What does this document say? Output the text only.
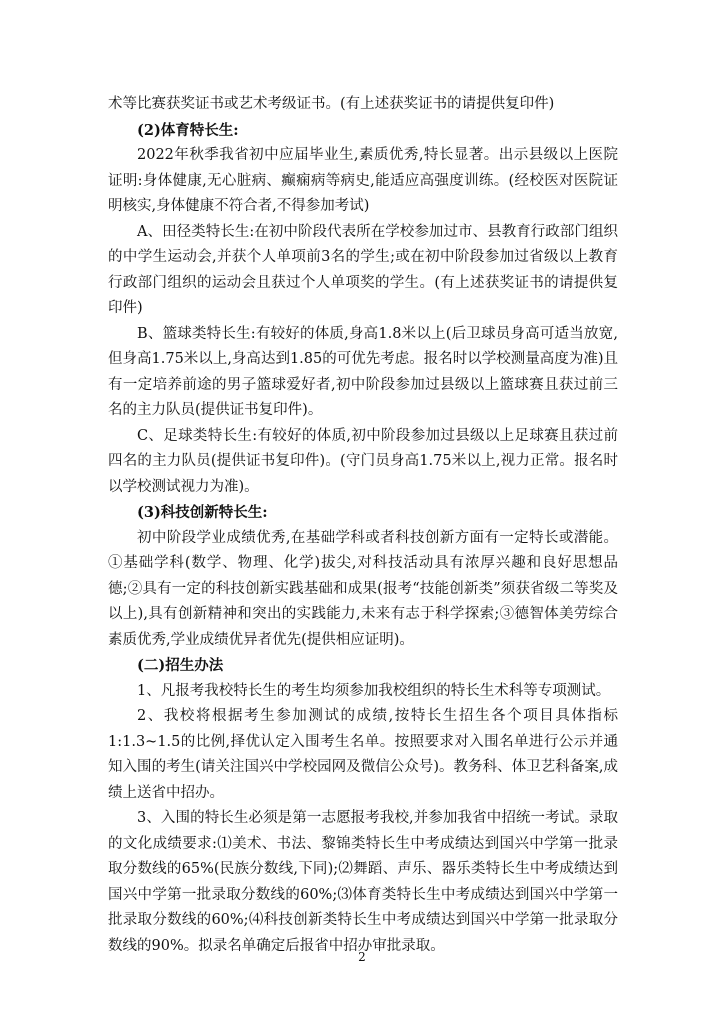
术等比赛获奖证书或艺术考级证书。(有上述获奖证书的请提供复印件)

(2)体育特长生:

2022年秋季我省初中应届毕业生,素质优秀,特长显著。出示县级以上医院证明:身体健康,无心脏病、癫痫病等病史,能适应高强度训练。(经校医对医院证明核实,身体健康不符合者,不得参加考试)

A、田径类特长生:在初中阶段代表所在学校参加过市、县教育行政部门组织的中学生运动会,并获个人单项前3名的学生;或在初中阶段参加过省级以上教育行政部门组织的运动会且获过个人单项奖的学生。(有上述获奖证书的请提供复印件)

B、篮球类特长生:有较好的体质,身高1.8米以上(后卫球员身高可适当放宽,但身高1.75米以上,身高达到1.85的可优先考虑。报名时以学校测量高度为准)且有一定培养前途的男子篮球爱好者,初中阶段参加过县级以上篮球赛且获过前三名的主力队员(提供证书复印件)。

C、足球类特长生:有较好的体质,初中阶段参加过县级以上足球赛且获过前四名的主力队员(提供证书复印件)。(守门员身高1.75米以上,视力正常。报名时以学校测试视力为准)。

(3)科技创新特长生:

初中阶段学业成绩优秀,在基础学科或者科技创新方面有一定特长或潜能。①基础学科(数学、物理、化学)拔尖,对科技活动具有浓厚兴趣和良好思想品德;②具有一定的科技创新实践基础和成果(报考“技能创新类”须获省级二等奖及以上),具有创新精神和突出的实践能力,未来有志于科学探索;③德智体美劳综合素质优秀,学业成绩优异者优先(提供相应证明)。

(二)招生办法

1、凡报考我校特长生的考生均须参加我校组织的特长生术科等专项测试。

2、我校将根据考生参加测试的成绩,按特长生招生各个项目具体指标1:1.3~1.5的比例,择优认定入围考生名单。按照要求对入围名单进行公示并通知入围的考生(请关注国兴中学校园网及微信公众号)。教务科、体卫艺科备案,成绩上送省中招办。

3、入围的特长生必须是第一志愿报考我校,并参加我省中招统一考试。录取的文化成绩要求:⑴美术、书法、黎锦类特长生中考成绩达到国兴中学第一批录取分数线的65%(民族分数线,下同);⑵舞蹈、声乐、器乐类特长生中考成绩达到国兴中学第一批录取分数线的60%;⑶体育类特长生中考成绩达到国兴中学第一批录取分数线的60%;⑷科技创新类特长生中考成绩达到国兴中学第一批录取分数线的90%。拟录名单确定后报省中招办审批录取。

2
